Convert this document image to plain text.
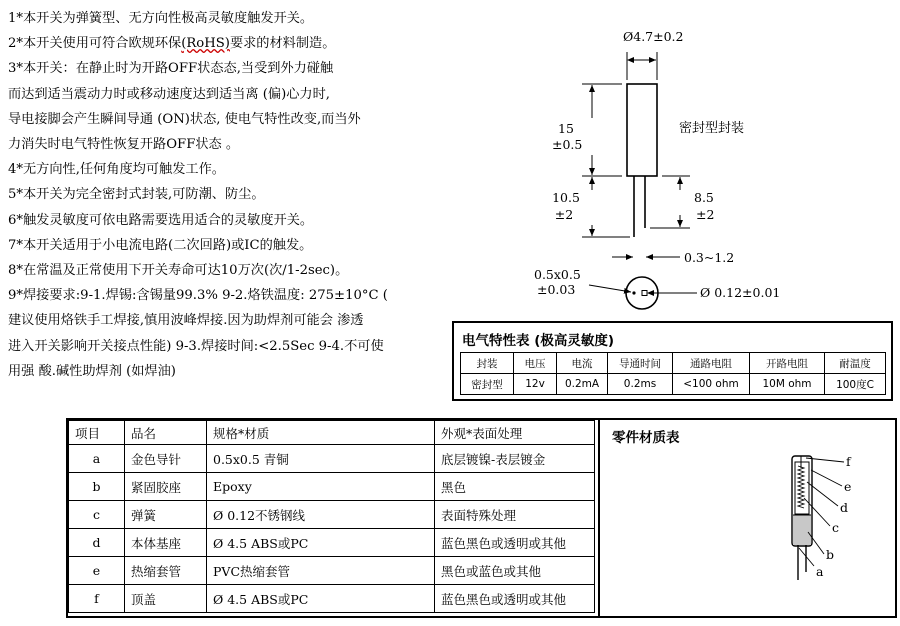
1*本开关为弹簧型、无方向性极高灵敏度触发开关。
2*本开关使用可符合欧规环保(RoHS)要求的材料制造。
3*本开关：在静止时为开路OFF状态态,当受到外力碰触
而达到适当震动力时或移动速度达到适当离 (偏)心力时,
导电接脚会产生瞬间导通 (ON)状态, 使电气特性改变,而当外
力消失时电气特性恢复开路OFF状态 。
4*无方向性,任何角度均可触发工作。
5*本开关为完全密封式封装,可防潮、防尘。
6*触发灵敏度可依电路需要选用适合的灵敏度开关。
7*本开关适用于小电流电路(二次回路)或IC的触发。
8*在常温及正常使用下开关寿命可达10万次(次/1-2sec)。
9*焊接要求:9-1.焊锡:含锡量99.3% 9-2.烙铁温度: 275±10°C (
建议使用烙铁手工焊接,慎用波峰焊接.因为助焊剂可能会 渗透
进入开关影响开关接点性能) 9-3.焊接时间:<2.5Sec 9-4.不可使
用强 酸.碱性助焊剂 (如焊油)
Ø4.7±0.2
15
±0.5
10.5
±2
8.5
±2
密封型封装
0.3~1.2
0.5x0.5
±0.03	Ø 0.12±0.01
电气特性表 (极高灵敏度)
封装	电压	电流	导通时间	通路电阻	开路电阻	耐温度
密封型	12v	0.2mA	0.2ms	<100 ohm	10M ohm	100度C
项目	品名	规格*材质	外观*表面处理
a	金色导针	0.5x0.5 青铜	底层镀镍-表层镀金
b	紧固胶座	Epoxy	黑色
c	弹簧	Ø 0.12不锈钢线	表面特殊处理
d	本体基座	Ø 4.5 ABS或PC	蓝色黑色或透明或其他
e	热缩套管	PVC热缩套管	黑色或蓝色或其他
f	顶盖	Ø 4.5 ABS或PC	蓝色黑色或透明或其他
零件材质表
f
e
d
c
b
a
